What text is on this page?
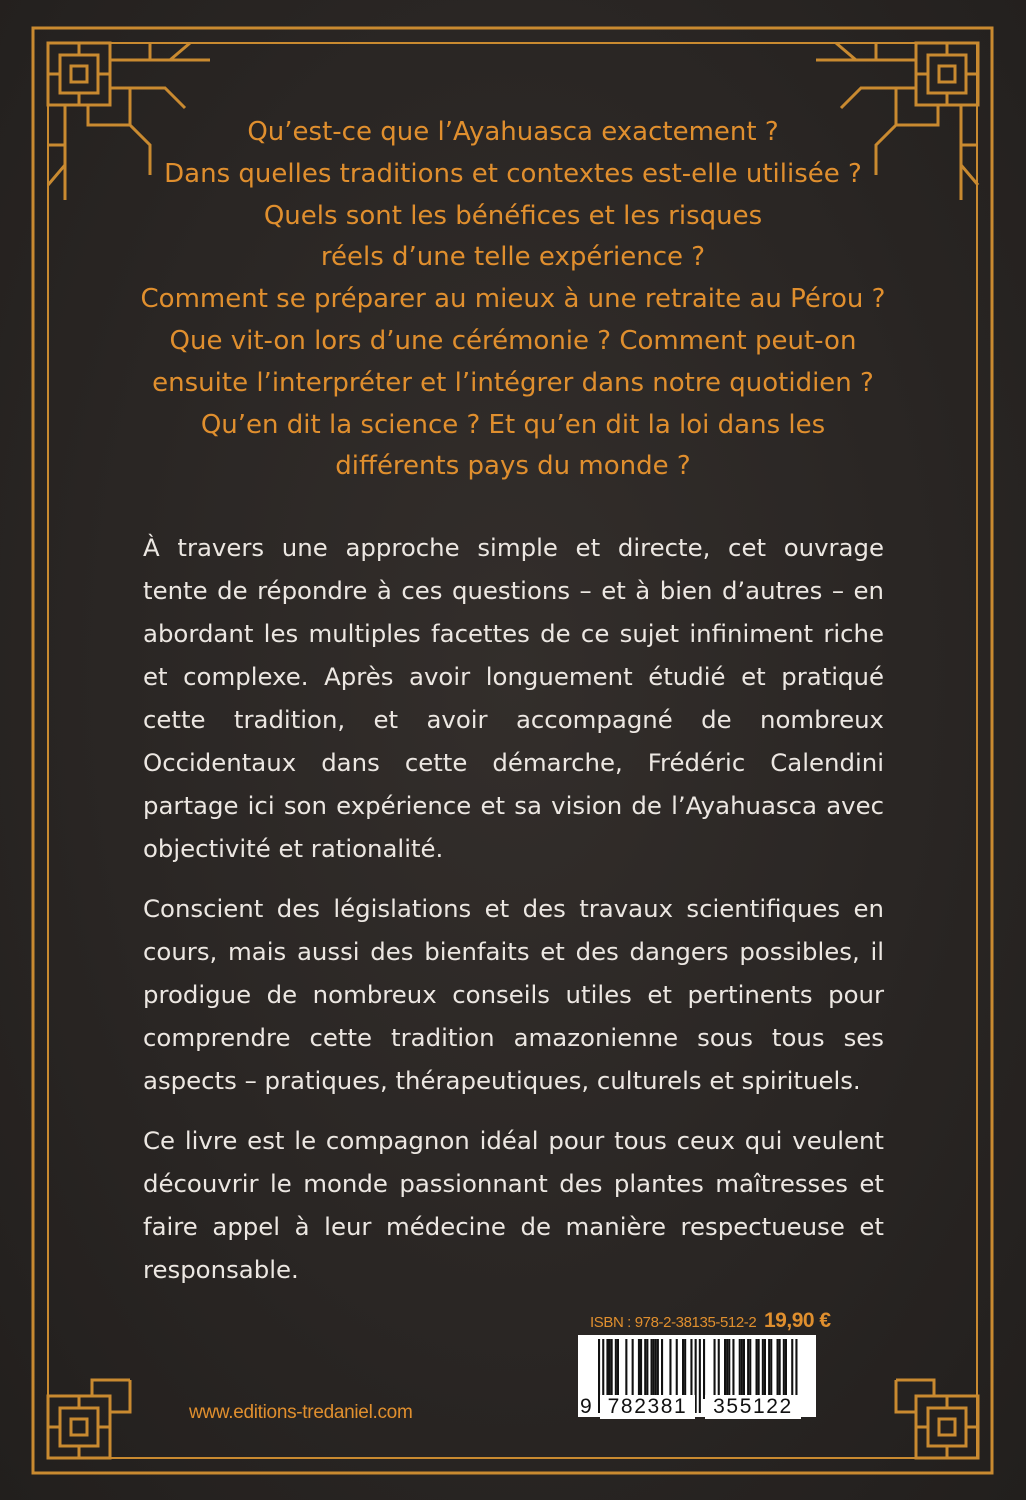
Qu’est-ce que l’Ayahuasca exactement ?
Dans quelles traditions et contextes est-elle utilisée ?
Quels sont les bénéfices et les risques
réels d’une telle expérience ?
Comment se préparer au mieux à une retraite au Pérou ?
Que vit-on lors d’une cérémonie ? Comment peut-on
ensuite l’interpréter et l’intégrer dans notre quotidien ?
Qu’en dit la science ? Et qu’en dit la loi dans les
différents pays du monde ?

À travers une approche simple et directe, cet ouvrage
tente de répondre à ces questions – et à bien d’autres – en
abordant les multiples facettes de ce sujet infiniment riche
et complexe. Après avoir longuement étudié et pratiqué
cette tradition, et avoir accompagné de nombreux
Occidentaux dans cette démarche, Frédéric Calendini
partage ici son expérience et sa vision de l’Ayahuasca avec
objectivité et rationalité.

Conscient des législations et des travaux scientifiques en
cours, mais aussi des bienfaits et des dangers possibles, il
prodigue de nombreux conseils utiles et pertinents pour
comprendre cette tradition amazonienne sous tous ses
aspects – pratiques, thérapeutiques, culturels et spirituels.

Ce livre est le compagnon idéal pour tous ceux qui veulent
découvrir le monde passionnant des plantes maîtresses et
faire appel à leur médecine de manière respectueuse et
responsable.

ISBN : 978-2-38135-512-2 19,90 €
9 782381	355122
www.editions-tredaniel.com
